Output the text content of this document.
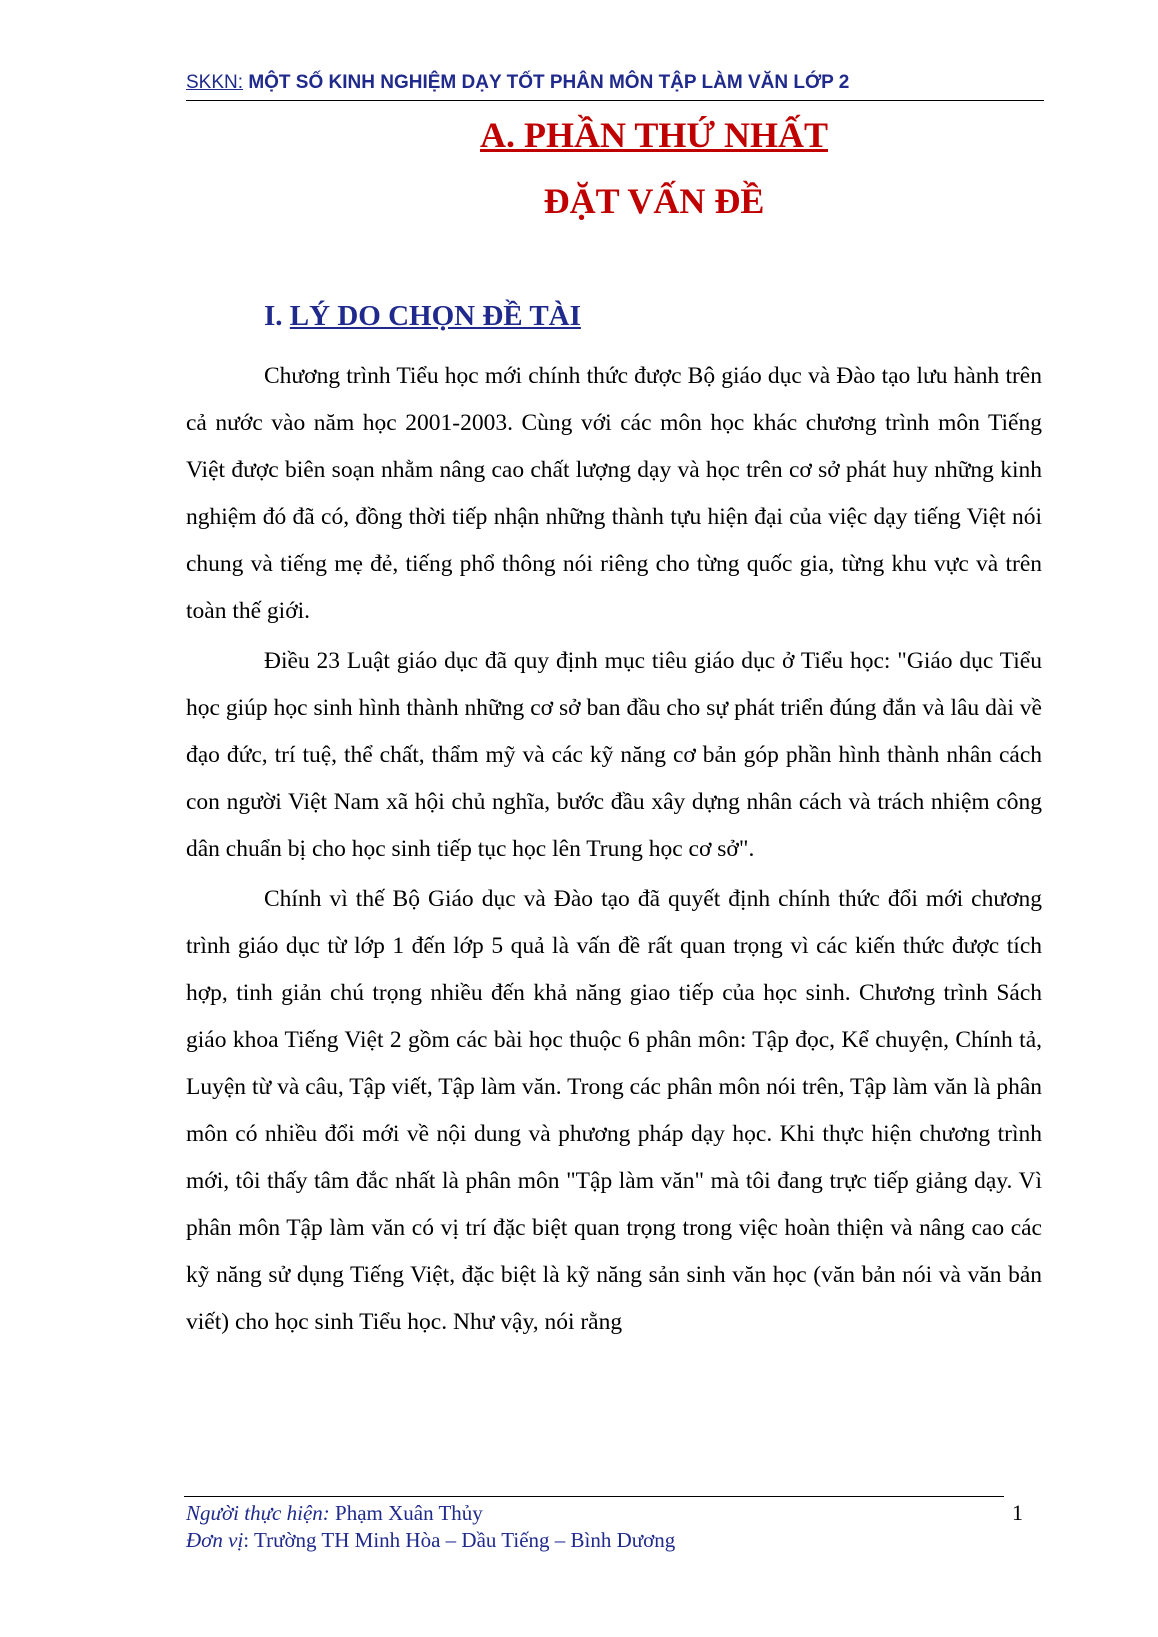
SKKN: MỘT SỐ KINH NGHIỆM DẠY TỐT PHÂN MÔN TẬP LÀM VĂN LỚP 2
A. PHẦN THỨ NHẤT
ĐẶT VẤN ĐỀ
I. LÝ DO CHỌN ĐỀ TÀI

Chương trình Tiểu học mới chính thức được Bộ giáo dục và Đào tạo lưu hành trên cả nước vào năm học 2001-2003. Cùng với các môn học khác chương trình môn Tiếng Việt được biên soạn nhằm nâng cao chất lượng dạy và học trên cơ sở phát huy những kinh nghiệm đó đã có, đồng thời tiếp nhận những thành tựu hiện đại của việc dạy tiếng Việt nói chung và tiếng mẹ đẻ, tiếng phổ thông nói riêng cho từng quốc gia, từng khu vực và trên toàn thế giới.

Điều 23 Luật giáo dục đã quy định mục tiêu giáo dục ở Tiểu học: "Giáo dục Tiểu học giúp học sinh hình thành những cơ sở ban đầu cho sự phát triển đúng đắn và lâu dài về đạo đức, trí tuệ, thể chất, thẩm mỹ và các kỹ năng cơ bản góp phần hình thành nhân cách con người Việt Nam xã hội chủ nghĩa, bước đầu xây dựng nhân cách và trách nhiệm công dân chuẩn bị cho học sinh tiếp tục học lên Trung học cơ sở".

Chính vì thế Bộ Giáo dục và Đào tạo đã quyết định chính thức đổi mới chương trình giáo dục từ lớp 1 đến lớp 5 quả là vấn đề rất quan trọng vì các kiến thức được tích hợp, tinh giản chú trọng nhiều đến khả năng giao tiếp của học sinh. Chương trình Sách giáo khoa Tiếng Việt 2 gồm các bài học thuộc 6 phân môn: Tập đọc, Kể chuyện, Chính tả, Luyện từ và câu, Tập viết, Tập làm văn. Trong các phân môn nói trên, Tập làm văn là phân môn có nhiều đổi mới về nội dung và phương pháp dạy học. Khi thực hiện chương trình mới, tôi thấy tâm đắc nhất là phân môn "Tập làm văn" mà tôi đang trực tiếp giảng dạy. Vì phân môn Tập làm văn có vị trí đặc biệt quan trọng trong việc hoàn thiện và nâng cao các kỹ năng sử dụng Tiếng Việt, đặc biệt là kỹ năng sản sinh văn học (văn bản nói và văn bản viết) cho học sinh Tiểu học. Như vậy, nói rằng

Người thực hiện: Phạm Xuân Thủy
Đơn vị: Trường TH Minh Hòa – Dầu Tiếng – Bình Dương
1
